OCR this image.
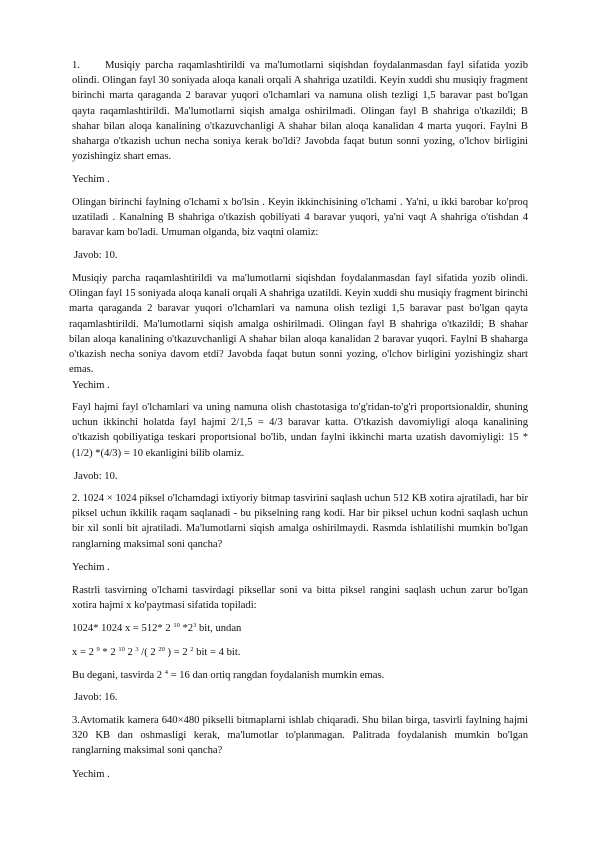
1. Musiqiy parcha raqamlashtirildi va ma'lumotlarni siqishdan foydalanmasdan fayl sifatida yozib olindi. Olingan fayl 30 soniyada aloqa kanali orqali A shahriga uzatildi. Keyin xuddi shu musiqiy fragment birinchi marta qaraganda 2 baravar yuqori o'lchamlari va namuna olish tezligi 1,5 baravar past bo'lgan qayta raqamlashtirildi. Ma'lumotlarni siqish amalga oshirilmadi. Olingan fayl B shahriga o'tkazildi; B shahar bilan aloqa kanalining o'tkazuvchanligi A shahar bilan aloqa kanalidan 4 marta yuqori. Faylni B shaharga o'tkazish uchun necha soniya kerak bo'ldi? Javobda faqat butun sonni yozing, o'lchov birligini yozishingiz shart emas.

Yechim .

Olingan birinchi faylning o'lchami x bo'lsin . Keyin ikkinchisining o'lchami . Ya'ni, u ikki barobar ko'proq uzatiladi . Kanalning B shahriga o'tkazish qobiliyati 4 baravar yuqori, ya'ni vaqt A shahriga o'tishdan 4 baravar kam bo'ladi. Umuman olganda, biz vaqtni olamiz:

Javob: 10.

Musiqiy parcha raqamlashtirildi va ma'lumotlarni siqishdan foydalanmasdan fayl sifatida yozib olindi. Olingan fayl 15 soniyada aloqa kanali orqali A shahriga uzatildi. Keyin xuddi shu musiqiy fragment birinchi marta qaraganda 2 baravar yuqori o'lchamlari va namuna olish tezligi 1,5 baravar past bo'lgan qayta raqamlashtirildi. Ma'lumotlarni siqish amalga oshirilmadi. Olingan fayl B shahriga o'tkazildi; B shahar bilan aloqa kanalining o'tkazuvchanligi A shahar bilan aloqa kanalidan 2 baravar yuqori. Faylni B shaharga o'tkazish necha soniya davom etdi? Javobda faqat butun sonni yozing, o'lchov birligini yozishingiz shart emas.

Yechim .

Fayl hajmi fayl o'lchamlari va uning namuna olish chastotasiga to'g'ridan-to'g'ri proportsionaldir, shuning uchun ikkinchi holatda fayl hajmi 2/1,5 = 4/3 baravar katta. O'tkazish davomiyligi aloqa kanalining o'tkazish qobiliyatiga teskari proportsional bo'lib, undan faylni ikkinchi marta uzatish davomiyligi: 15 *(1/2) *(4/3) = 10 ekanligini bilib olamiz.

Javob: 10.

2. 1024 × 1024 piksel o'lchamdagi ixtiyoriy bitmap tasvirini saqlash uchun 512 KB xotira ajratiladi, har bir piksel uchun ikkilik raqam saqlanadi - bu pikselning rang kodi. Har bir piksel uchun kodni saqlash uchun bir xil sonli bit ajratiladi. Ma'lumotlarni siqish amalga oshirilmaydi. Rasmda ishlatilishi mumkin bo'lgan ranglarning maksimal soni qancha?

Yechim .

Rastrli tasvirning o'lchami tasvirdagi piksellar soni va bitta piksel rangini saqlash uchun zarur bo'lgan xotira hajmi x ko'paytmasi sifatida topiladi:

1024* 1024 x = 512* 2 $^{10}$ $*2^3$ bit, undan

x = 2 $^9$ * 2 $^{10}$ 2 $^3$ /( 2 $^{20}$ ) = 2 $^2$ bit = 4 bit.

Bu degani, tasvirda 2 $^4$ = 16 dan ortiq rangdan foydalanish mumkin emas.

Javob: 16.

3.Avtomatik kamera 640×480 pikselli bitmaplarni ishlab chiqaradi. Shu bilan birga, tasvirli faylning hajmi 320 KB dan oshmasligi kerak, ma'lumotlar to'planmagan. Palitrada foydalanish mumkin bo'lgan ranglarning maksimal soni qancha?

Yechim .
